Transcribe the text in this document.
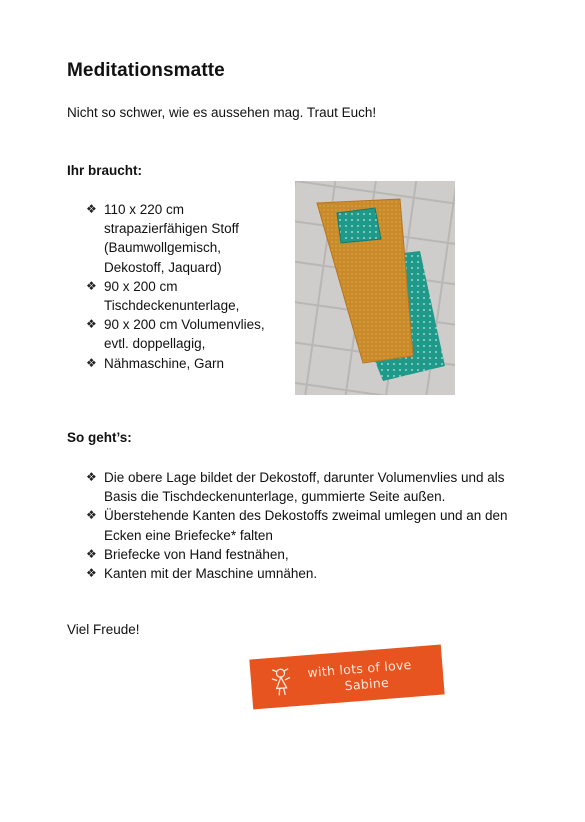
Meditationsmatte
Nicht so schwer, wie es aussehen mag. Traut Euch!
Ihr braucht:
❖ 110 x 220 cm strapazierfähigen Stoff (Baumwollgemisch, Dekostoff, Jaquard)
❖ 90 x 200 cm Tischdeckenunterlage,
❖ 90 x 200 cm Volumenvlies, evtl. doppellagig,
❖ Nähmaschine, Garn
So geht’s:
❖ Die obere Lage bildet der Dekostoff, darunter Volumenvlies und als Basis die Tischdeckenunterlage, gummierte Seite außen.
❖ Überstehende Kanten des Dekostoffs zweimal umlegen und an den Ecken eine Briefecke* falten
❖ Briefecke von Hand festnähen,
❖ Kanten mit der Maschine umnähen.
Viel Freude!
with lots of love
Sabine
